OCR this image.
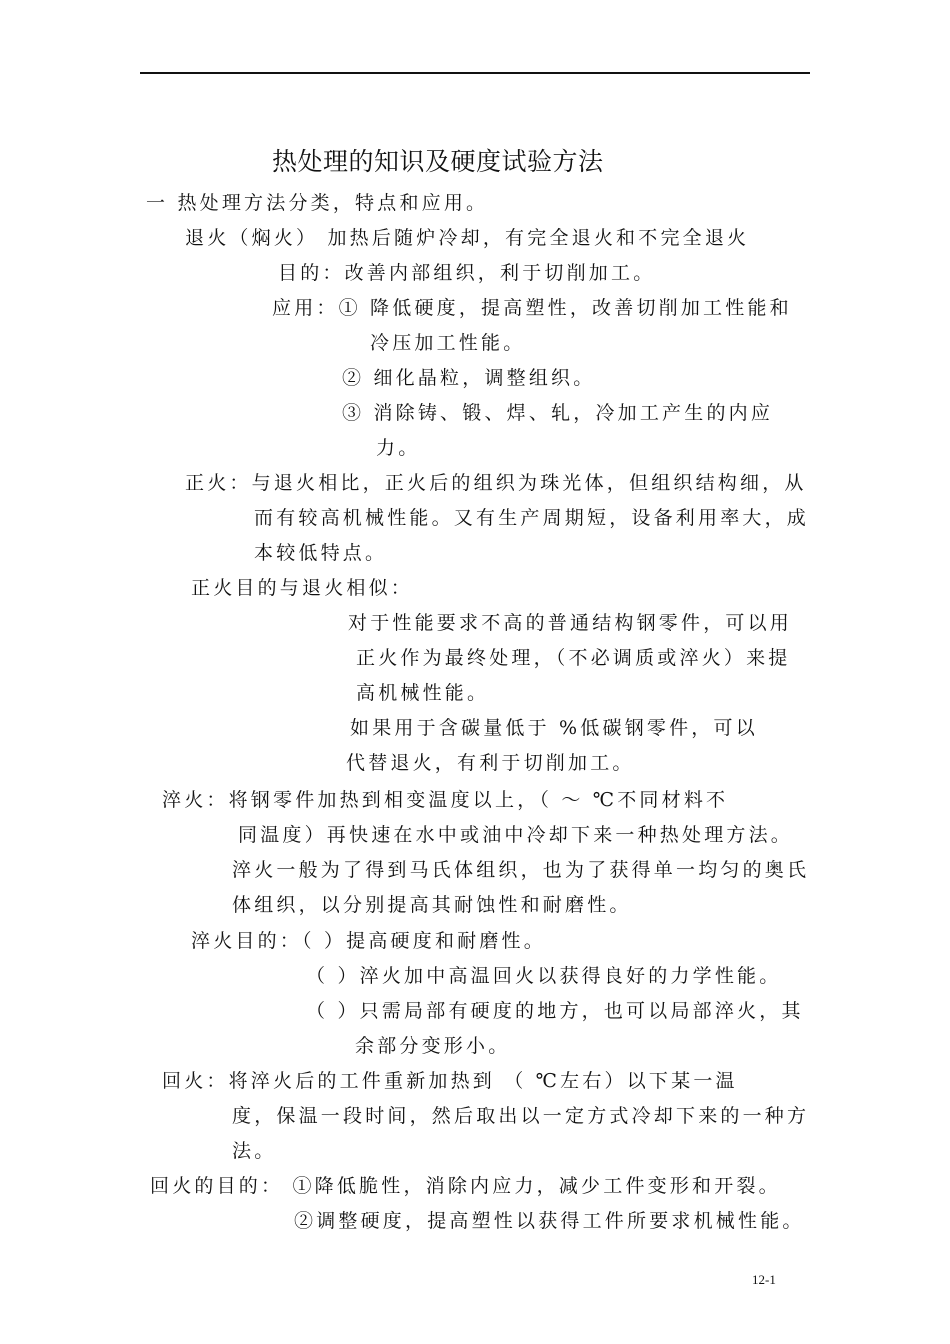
热处理的知识及硬度试验方法
一 热处理方法分类，特点和应用。
退火（焖火） 加热后随炉冷却，有完全退火和不完全退火
目的：改善内部组织，利于切削加工。
应用：① 降低硬度，提高塑性，改善切削加工性能和
冷压加工性能。
② 细化晶粒，调整组织。
③ 消除铸、锻、焊、轧，冷加工产生的内应
力。
正火：与退火相比，正火后的组织为珠光体，但组织结构细，从
而有较高机械性能。又有生产周期短，设备利用率大，成
本较低特点。
正火目的与退火相似：
对于性能要求不高的普通结构钢零件，可以用
正火作为最终处理，（不必调质或淬火）来提
高机械性能。
如果用于含碳量低于 %低碳钢零件，可以
代替退火，有利于切削加工。
淬火：将钢零件加热到相变温度以上，（ ～ ℃不同材料不
同温度）再快速在水中或油中冷却下来一种热处理方法。
淬火一般为了得到马氏体组织，也为了获得单一均匀的奥氏
体组织，以分别提高其耐蚀性和耐磨性。
淬火目的：（ ）提高硬度和耐磨性。
（ ）淬火加中高温回火以获得良好的力学性能。
（ ）只需局部有硬度的地方，也可以局部淬火，其
余部分变形小。
回火：将淬火后的工件重新加热到 （ ℃左右）以下某一温
度，保温一段时间，然后取出以一定方式冷却下来的一种方
法。
回火的目的： ①降低脆性，消除内应力，减少工件变形和开裂。
②调整硬度，提高塑性以获得工件所要求机械性能。
12-1
